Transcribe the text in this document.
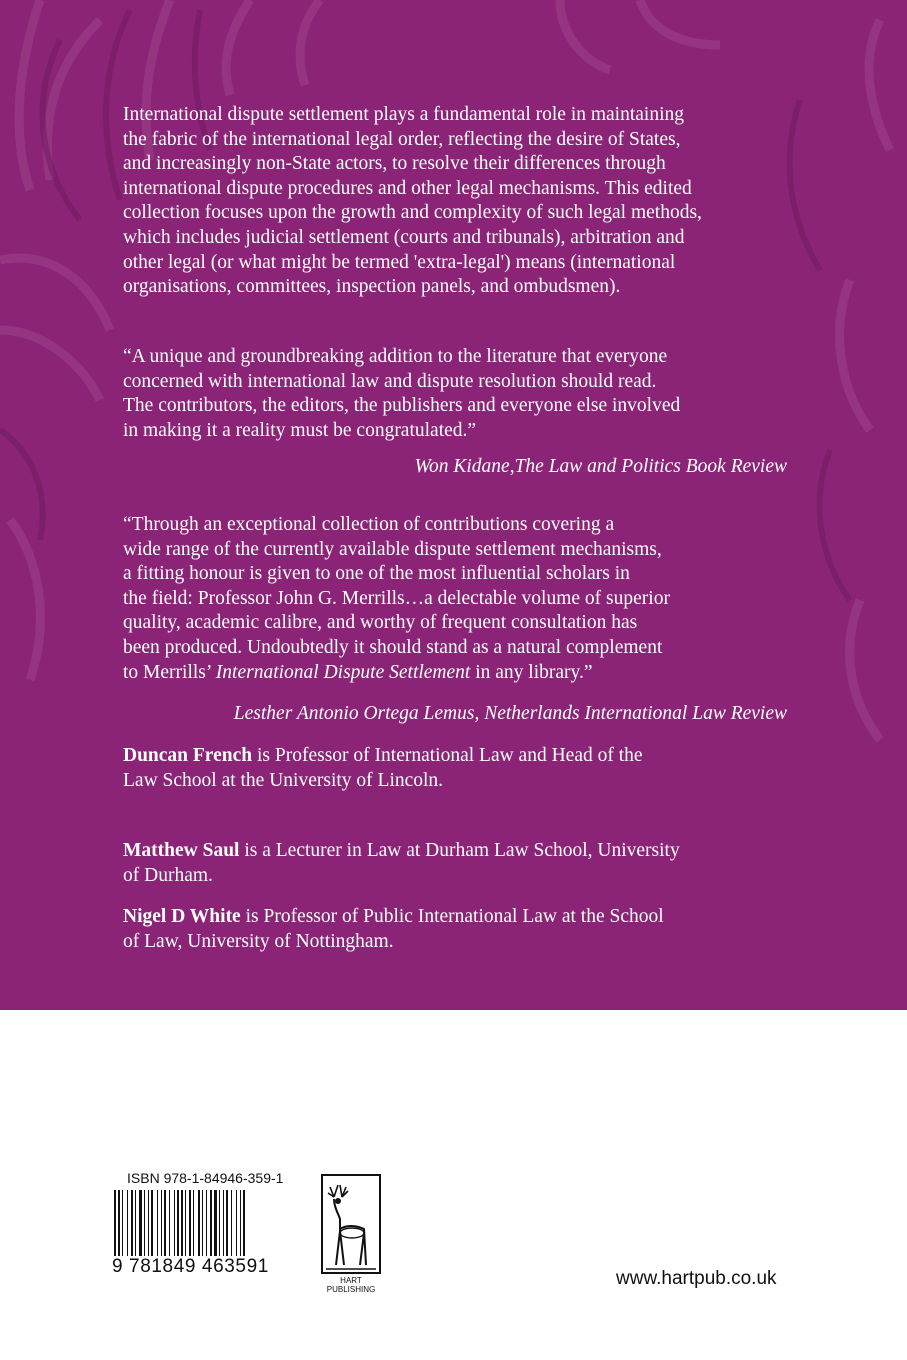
International dispute settlement plays a fundamental role in maintaining
the fabric of the international legal order, reflecting the desire of States,
and increasingly non-State actors, to resolve their differences through
international dispute procedures and other legal mechanisms. This edited
collection focuses upon the growth and complexity of such legal methods,
which includes judicial settlement (courts and tribunals), arbitration and
other legal (or what might be termed 'extra-legal') means (international
organisations, committees, inspection panels, and ombudsmen).

“A unique and groundbreaking addition to the literature that everyone
concerned with international law and dispute resolution should read.
The contributors, the editors, the publishers and everyone else involved
in making it a reality must be congratulated.”

Won Kidane,The Law and Politics Book Review

“Through an exceptional collection of contributions covering a
wide range of the currently available dispute settlement mechanisms,
a fitting honour is given to one of the most influential scholars in
the field: Professor John G. Merrills…a delectable volume of superior
quality, academic calibre, and worthy of frequent consultation has
been produced. Undoubtedly it should stand as a natural complement
to Merrills’ International Dispute Settlement in any library.”

Lesther Antonio Ortega Lemus, Netherlands International Law Review

Duncan French is Professor of International Law and Head of the
Law School at the University of Lincoln.

Matthew Saul is a Lecturer in Law at Durham Law School, University
of Durham.

Nigel D White is Professor of Public International Law at the School
of Law, University of Nottingham.

ISBN 978-1-84946-359-1
9 781849 463591
HART
PUBLISHING
www.hartpub.co.uk
